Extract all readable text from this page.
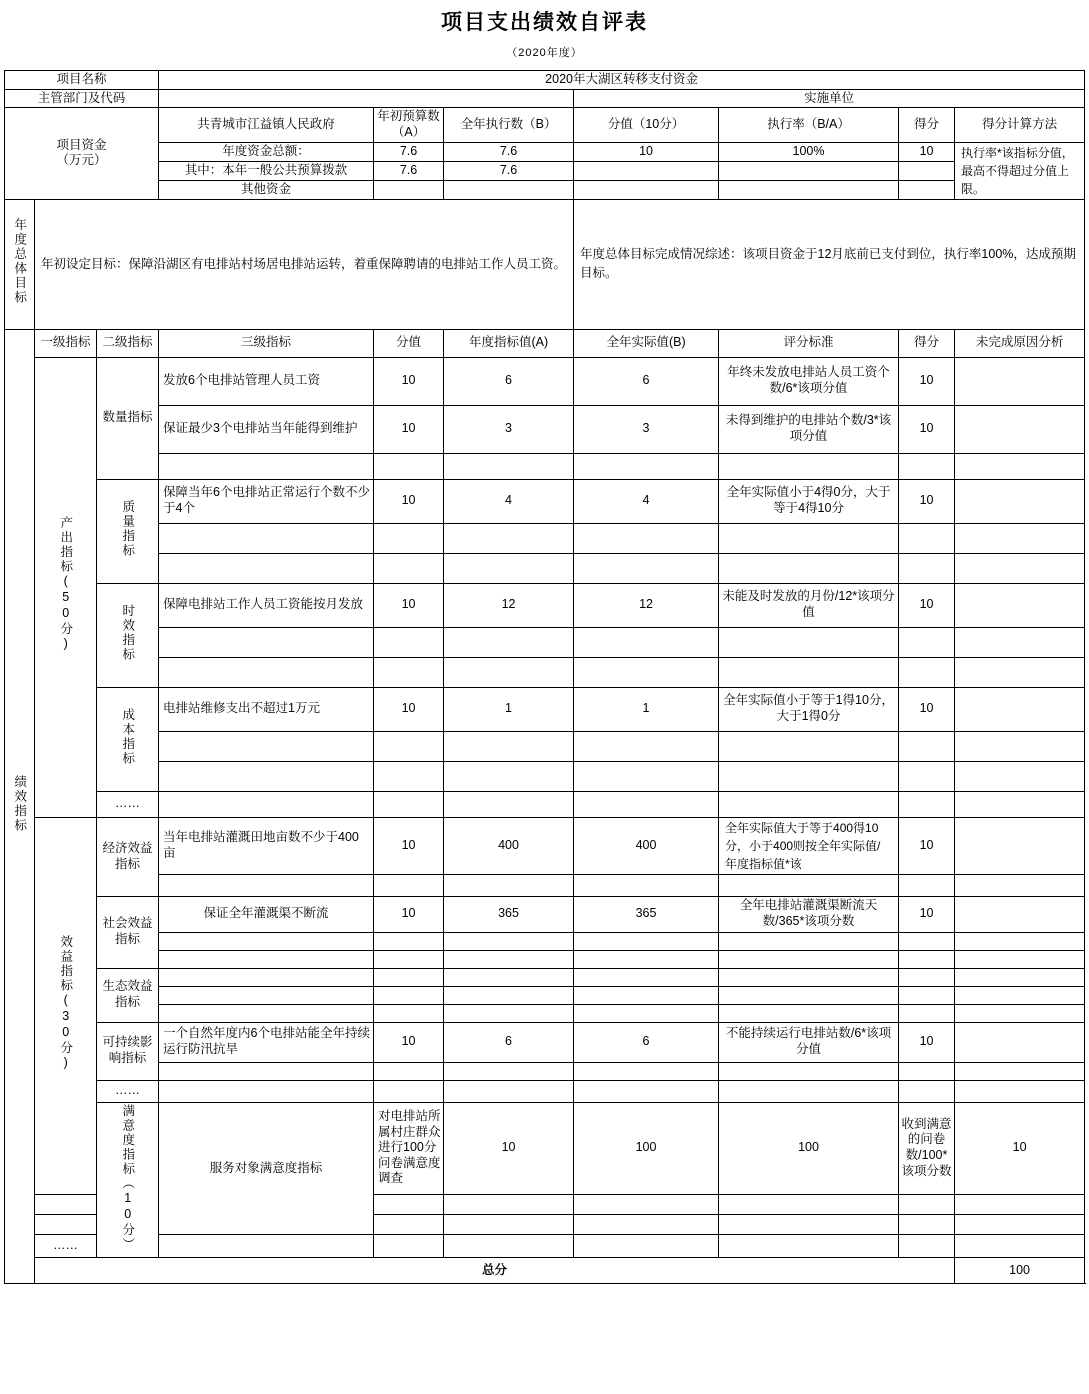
项目支出绩效自评表
（2020年度）
项目名称			2020年大湖区转移支付资金							
主管部门及代码						实施单位				

项目资金
（万元）			共青城市江益镇人民政府	年初预算数（A）	全年执行数（B）	分值（10分）	执行率（B/A）	得分	得分计算方法	
			年度资金总额：	7.6	7.6	10	100%	10	执行率*该指标分值，最高不得超过分值上限。	
			其中：本年一般公共预算拨款	7.6	7.6					
			其他资金							
年度总体目标	年初设定目标：保障沿湖区有电排站村场居电排站运转，着重保障聘请的电排站工作人员工资。					年度总体目标完成情况综述：该项目资金于12月底前已支付到位，执行率100%，达成预期目标。				
绩效指标	一级指标	二级指标	三级指标	分值	年度指标值(A)	全年实际值(B)	评分标准	得分	未完成原因分析	
	产出指标(50分)	数量指标	发放6个电排站管理人员工资	10	6	6	年终未发放电排站人员工资个数/6*该项分值	10		
			保证最少3个电排站当年能得到维护	10	3	3	未得到维护的电排站个数/3*该项分值	10		

		质量指标	保障当年6个电排站正常运行个数不少于4个	10	4	4	全年实际值小于4得0分，大于等于4得10分	10		

		时效指标	保障电排站工作人员工资能按月发放	10	12	12	未能及时发放的月份/12*该项分值	10		

		成本指标	电排站维修支出不超过1万元	10	1	1	全年实际值小于等于1得10分，大于1得0分	10		

		……								
	效益指标(30分)	经济效益指标	当年电排站灌溉田地亩数不少于400亩	10	400	400	全年实际值大于等于400得10分，小于400则按全年实际值/年度指标值*该	10		

		社会效益指标	保证全年灌溉渠不断流	10	365	365	全年电排站灌溉渠断流天数/365*该项分数	10		

		生态效益指标								

		可持续影响指标	一个自然年度内6个电排站能全年持续运行防汛抗旱	10	6	6	不能持续运行电排站数/6*该项分值	10		

		……								
		满意度指标（10分）	服务对象满意度指标	对电排站所属村庄群众进行100分问卷满意度调查	10	100	100	收到满意的问卷数/100*该项分数	10	

	……									
	总分								100	
